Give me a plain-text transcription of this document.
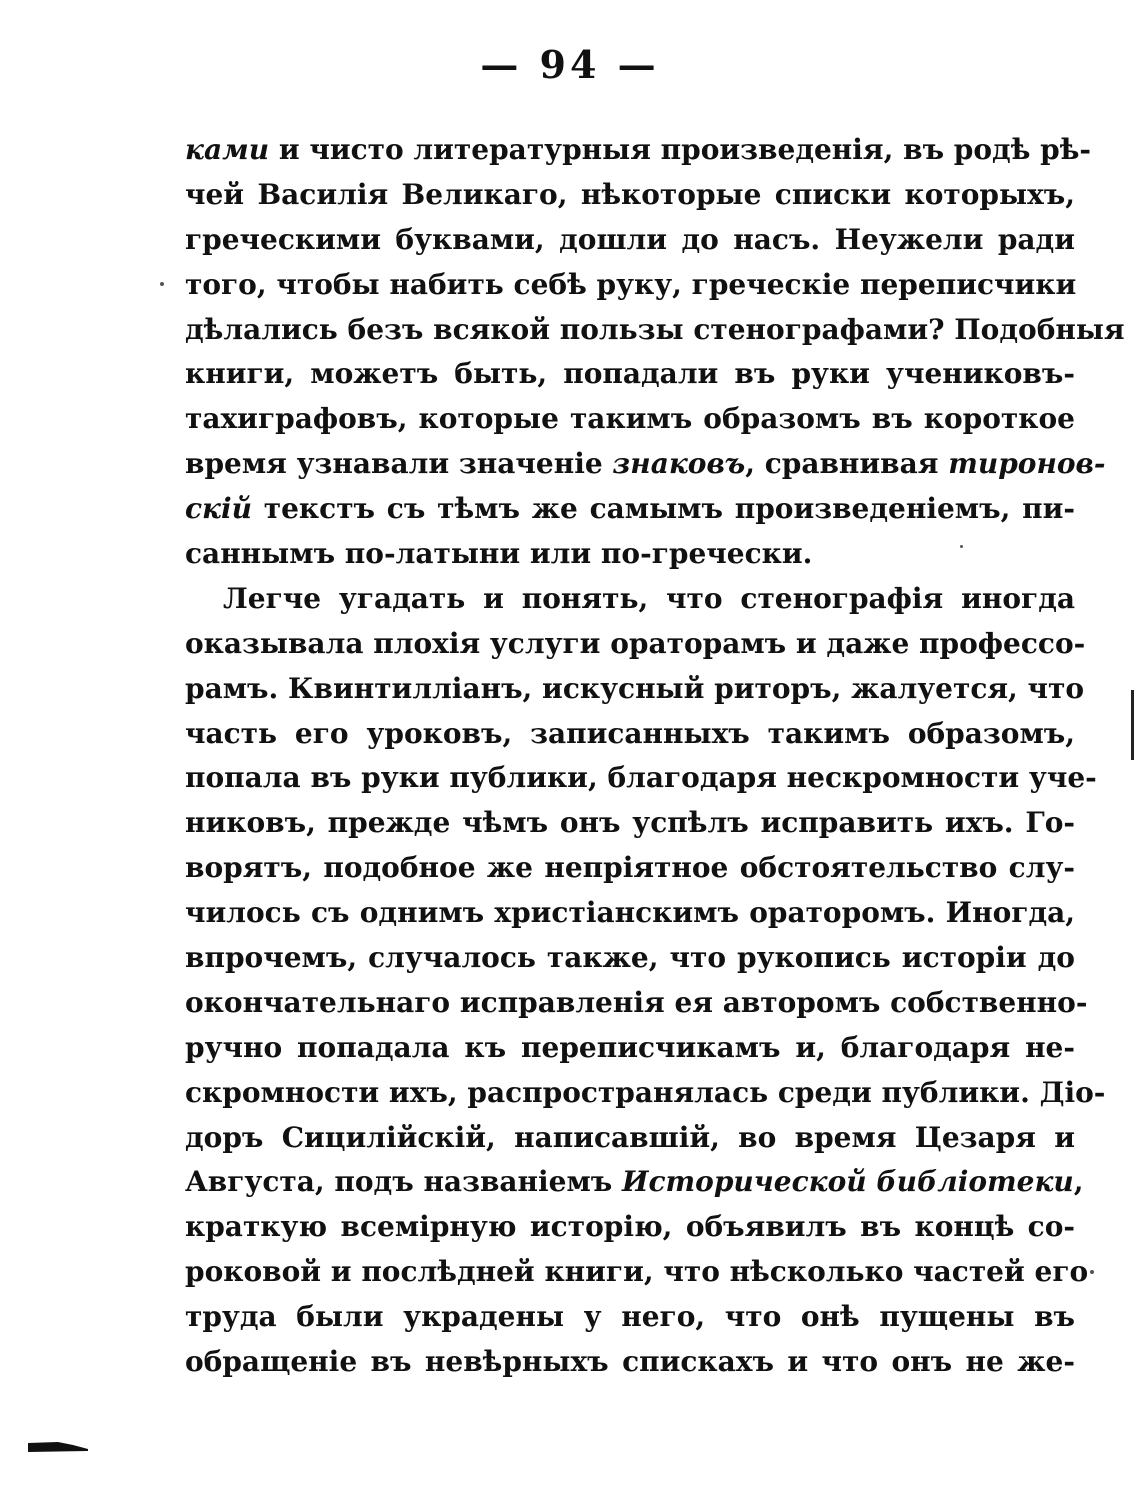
— 94 —
ками и чисто литературныя произведенія, въ родѣ рѣ-
чей Василія Великаго, нѣкоторые списки которыхъ,
греческими буквами, дошли до насъ. Неужели ради
того, чтобы набить себѣ руку, греческіе переписчики
дѣлались безъ всякой пользы стенографами? Подобныя
книги, можетъ быть, попадали въ руки учениковъ-
тахиграфовъ, которые такимъ образомъ въ короткое
время узнавали значеніе знаковъ, сравнивая тиронов-
скій текстъ съ тѣмъ же самымъ произведеніемъ, пи-
саннымъ по-латыни или по-гречески.
Легче угадать и понять, что стенографія иногда
оказывала плохія услуги ораторамъ и даже профессо-
рамъ. Квинтилліанъ, искусный риторъ, жалуется, что
часть его уроковъ, записанныхъ такимъ образомъ,
попала въ руки публики, благодаря нескромности уче-
никовъ, прежде чѣмъ онъ успѣлъ исправить ихъ. Го-
ворятъ, подобное же непріятное обстоятельство слу-
чилось съ однимъ христіанскимъ ораторомъ. Иногда,
впрочемъ, случалось также, что рукопись исторіи до
окончательнаго исправленія ея авторомъ собственно-
ручно попадала къ переписчикамъ и, благодаря не-
скромности ихъ, распространялась среди публики. Діо-
доръ Сицилійскій, написавшій, во время Цезаря и
Августа, подъ названіемъ Исторической библіотеки,
краткую всемірную исторію, объявилъ въ концѣ со-
роковой и послѣдней книги, что нѣсколько частей его
труда были украдены у него, что онѣ пущены въ
обращеніе въ невѣрныхъ спискахъ и что онъ не же-
